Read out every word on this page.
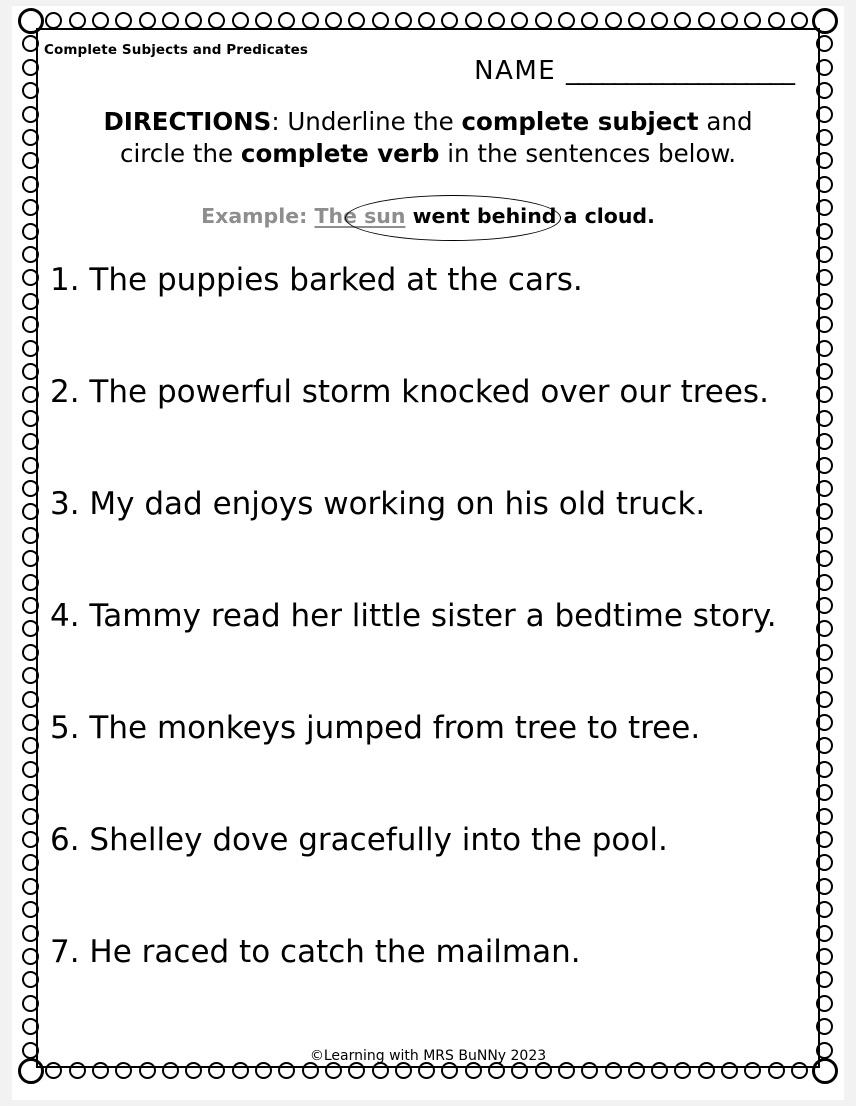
Complete Subjects and Predicates
NAME ___________________
DIRECTIONS: Underline the complete subject and
circle the complete verb in the sentences below.
Example: The sun went behind a cloud.
1. The puppies barked at the cars.
2. The powerful storm knocked over our trees.
3. My dad enjoys working on his old truck.
4. Tammy read her little sister a bedtime story.
5. The monkeys jumped from tree to tree.
6. Shelley dove gracefully into the pool.
7. He raced to catch the mailman.
©Learning with MRS BuNNy 2023
